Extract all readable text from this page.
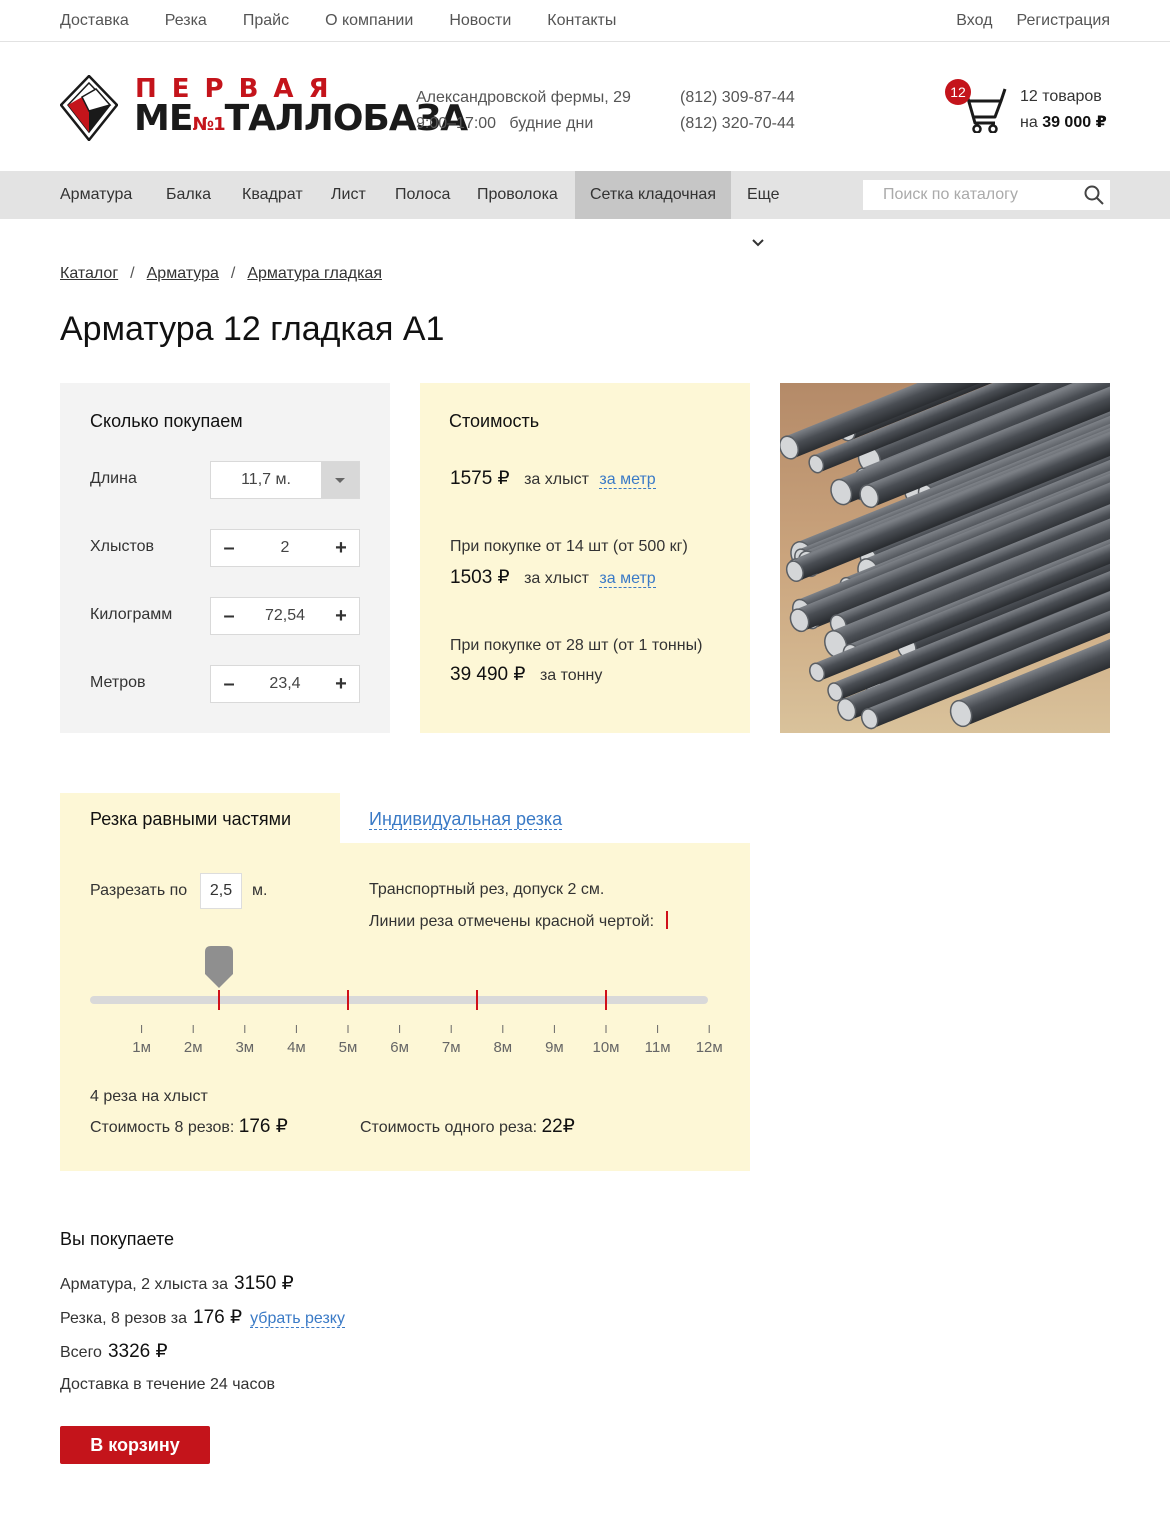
Доставка Резка Прайс О компании Новости Контакты	Вход Регистрация
ПЕРВАЯ
МЕ№1ТАЛЛОБАЗА
Александровской фермы, 29
9:00–17:00   будние дни
(812) 309-87-44
(812) 320-70-44
12	12 товаров
на 39 000 ₽
Арматура Балка Квадрат Лист Полоса Проволока	Сетка кладочная	Еще
Поиск по каталогу
Каталог / Арматура / Арматура гладкая
Арматура 12 гладкая А1
Сколько покупаем
Длина	11,7 м.
Хлыстов	–	2	+
Килограмм	–	72,54	+
Метров	–	23,4	+
Стоимость
1575 ₽ за хлыст за метр
При покупке от 14 шт (от 500 кг)
1503 ₽ за хлыст за метр
При покупке от 28 шт (от 1 тонны)
39 490 ₽ за тонну
Резка равными частями	Индивидуальная резка
Разрезать по	2,5	м.	Транспортный рез, допуск 2 см.
Линии реза отмечены красной чертой:
1м 2м 3м 4м 5м 6м 7м 8м 9м 10м 11м 12м
4 реза на хлыст
Стоимость 8 резов: 176 ₽	Стоимость одного реза: 22₽
Вы покупаете
Арматура, 2 хлыста за 3150 ₽
Резка, 8 резов за 176 ₽ убрать резку
Всего 3326 ₽
Доставка в течение 24 часов
В корзину
